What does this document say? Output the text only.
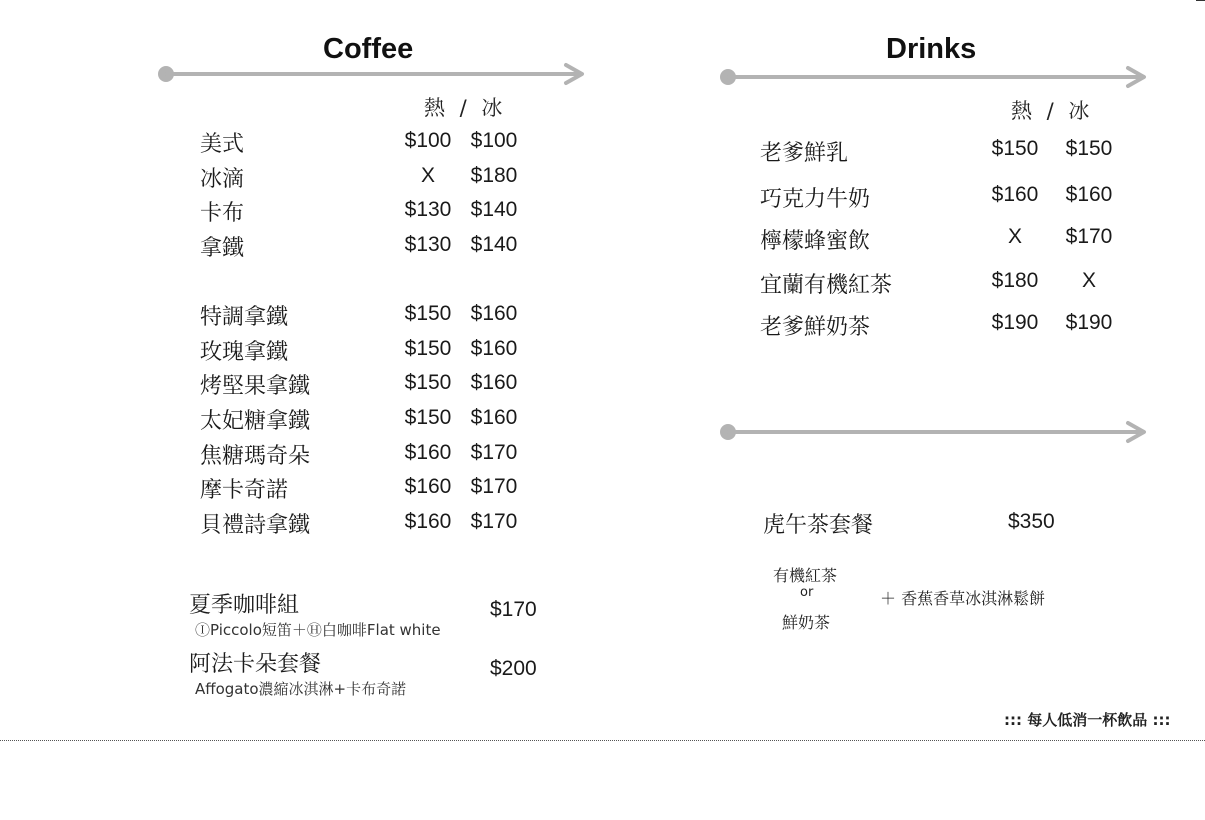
Coffee
熱 / 冰
美式	$100 $100
冰滴	X	$180
卡布	$130 $140
拿鐵	$130 $140
特調拿鐵	$150 $160
玫瑰拿鐵	$150 $160
烤堅果拿鐵	$150 $160
太妃糖拿鐵	$150 $160
焦糖瑪奇朵	$160 $170
摩卡奇諾	$160 $170
貝禮詩拿鐵	$160 $170
夏季咖啡組
ⒾPiccolo短笛＋Ⓗ白咖啡Flat white
$170
阿法卡朵套餐
Affogato濃縮冰淇淋+卡布奇諾
$200
Drinks
熱 / 冰
老爹鮮乳	$150	$150
巧克力牛奶	$160	$160
檸檬蜂蜜飲	X	$170
宜蘭有機紅茶	$180	X
老爹鮮奶茶	$190	$190
虎午茶套餐	$350
有機紅茶
or
鮮奶茶
＋ 香蕉香草冰淇淋鬆餅
::: 每人低消一杯飲品 :::
